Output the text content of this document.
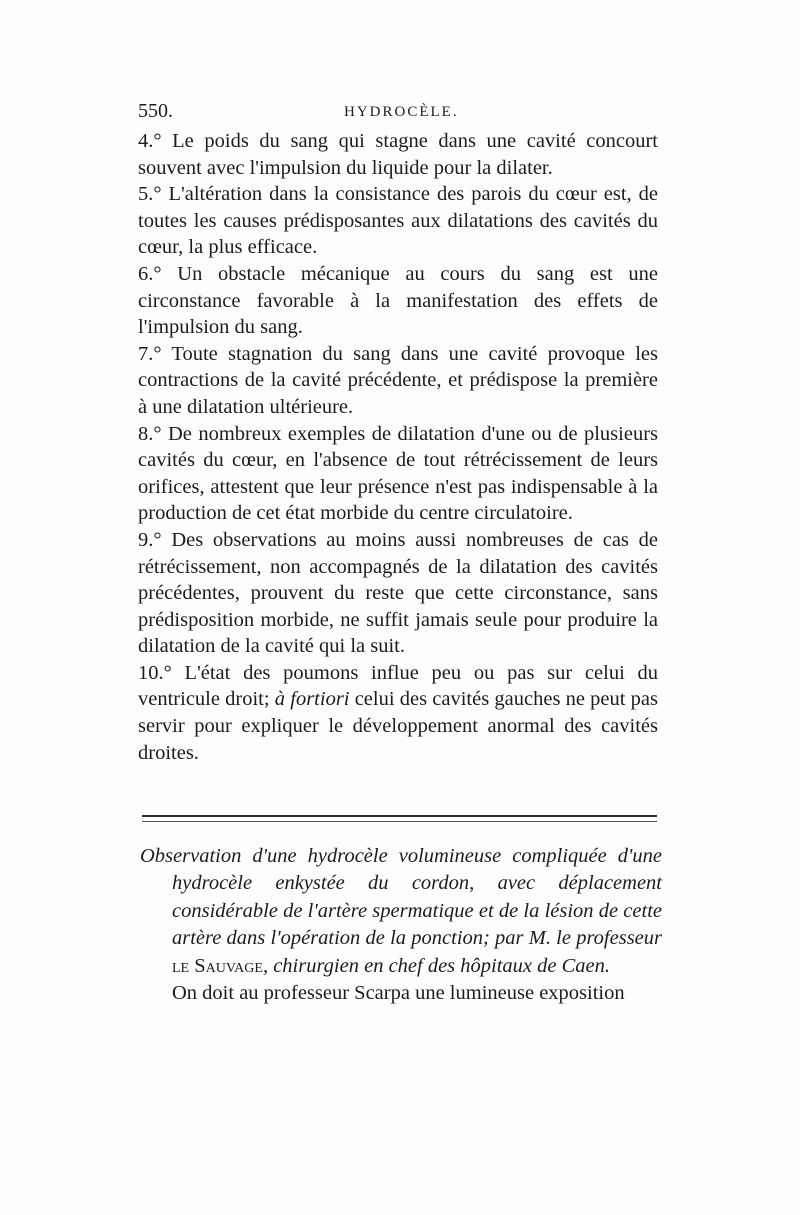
550.	HYDROCÈLE.

4.° Le poids du sang qui stagne dans une cavité concourt souvent avec l'impulsion du liquide pour la dilater.

5.° L'altération dans la consistance des parois du cœur est, de toutes les causes prédisposantes aux dilatations des cavités du cœur, la plus efficace.

6.° Un obstacle mécanique au cours du sang est une circonstance favorable à la manifestation des effets de l'impulsion du sang.

7.° Toute stagnation du sang dans une cavité provoque les contractions de la cavité précédente, et prédispose la première à une dilatation ultérieure.

8.° De nombreux exemples de dilatation d'une ou de plusieurs cavités du cœur, en l'absence de tout rétrécissement de leurs orifices, attestent que leur présence n'est pas indispensable à la production de cet état morbide du centre circulatoire.

9.° Des observations au moins aussi nombreuses de cas de rétrécissement, non accompagnés de la dilatation des cavités précédentes, prouvent du reste que cette circonstance, sans prédisposition morbide, ne suffit jamais seule pour produire la dilatation de la cavité qui la suit.

10.° L'état des poumons influe peu ou pas sur celui du ventricule droit; à fortiori celui des cavités gauches ne peut pas servir pour expliquer le développement anormal des cavités droites.

Observation d'une hydrocèle volumineuse compliquée d'une hydrocèle enkystée du cordon, avec déplacement considérable de l'artère spermatique et de la lésion de cette artère dans l'opération de la ponction; par M. le professeur le Sauvage, chirurgien en chef des hôpitaux de Caen.

On doit au professeur Scarpa une lumineuse exposition
